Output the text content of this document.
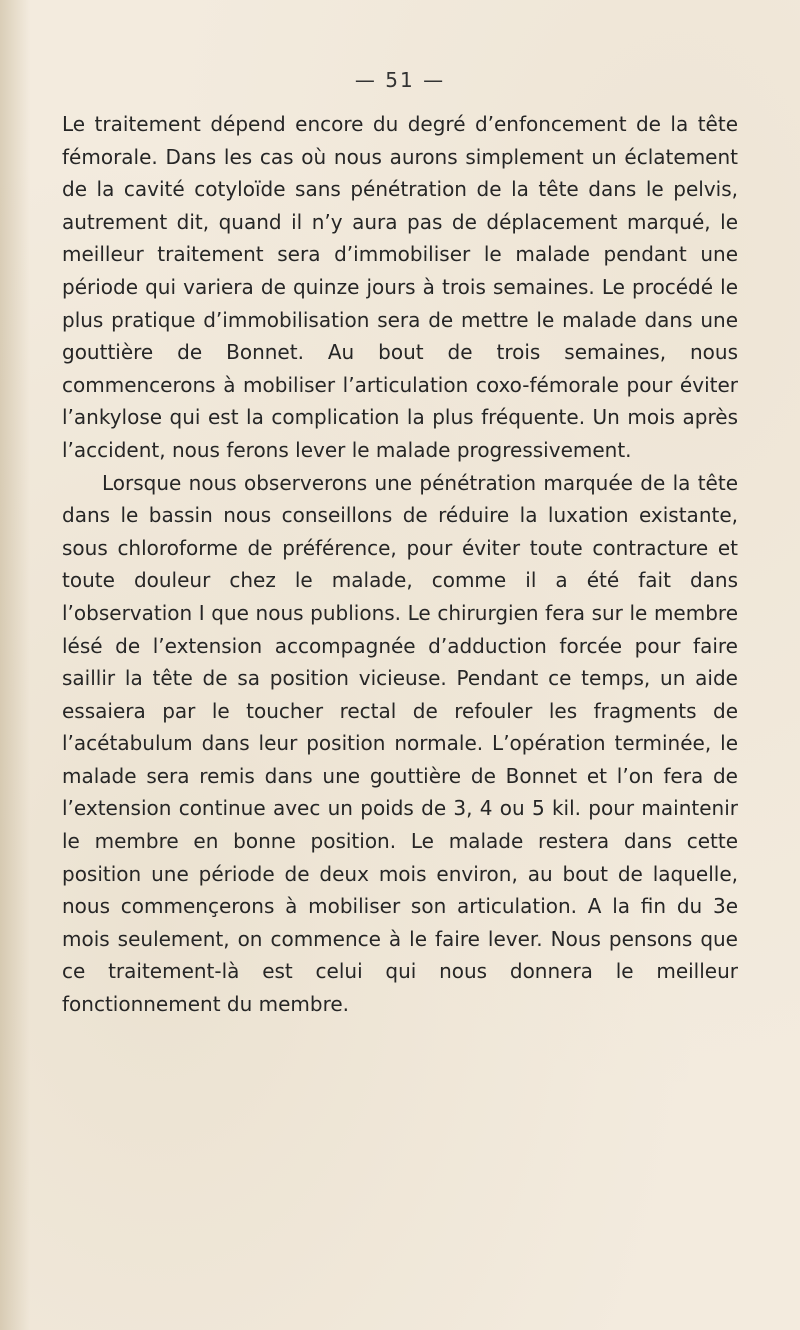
— 51 —

Le traitement dépend encore du degré d’enfoncement de la tête fémorale. Dans les cas où nous aurons simplement un éclatement de la cavité cotyloïde sans pénétration de la tête dans le pelvis, autrement dit, quand il n’y aura pas de déplacement marqué, le meilleur traitement sera d’immobiliser le malade pendant une période qui variera de quinze jours à trois semaines. Le procédé le plus pratique d’immobilisation sera de mettre le malade dans une gouttière de Bonnet. Au bout de trois semaines, nous commencerons à mobiliser l’articulation coxo-fémorale pour éviter l’ankylose qui est la complication la plus fréquente. Un mois après l’accident, nous ferons lever le malade progressivement.

Lorsque nous observerons une pénétration marquée de la tête dans le bassin nous conseillons de réduire la luxation existante, sous chloroforme de préférence, pour éviter toute contracture et toute douleur chez le malade, comme il a été fait dans l’observation I que nous publions. Le chirurgien fera sur le membre lésé de l’extension accompagnée d’adduction forcée pour faire saillir la tête de sa position vicieuse. Pendant ce temps, un aide essaiera par le toucher rectal de refouler les fragments de l’acétabulum dans leur position normale. L’opération terminée, le malade sera remis dans une gouttière de Bonnet et l’on fera de l’extension continue avec un poids de 3, 4 ou 5 kil. pour maintenir le membre en bonne position. Le malade restera dans cette position une période de deux mois environ, au bout de laquelle, nous commençerons à mobiliser son articulation. A la fin du 3e mois seulement, on commence à le faire lever. Nous pensons que ce traitement-là est celui qui nous donnera le meilleur fonctionnement du membre.
